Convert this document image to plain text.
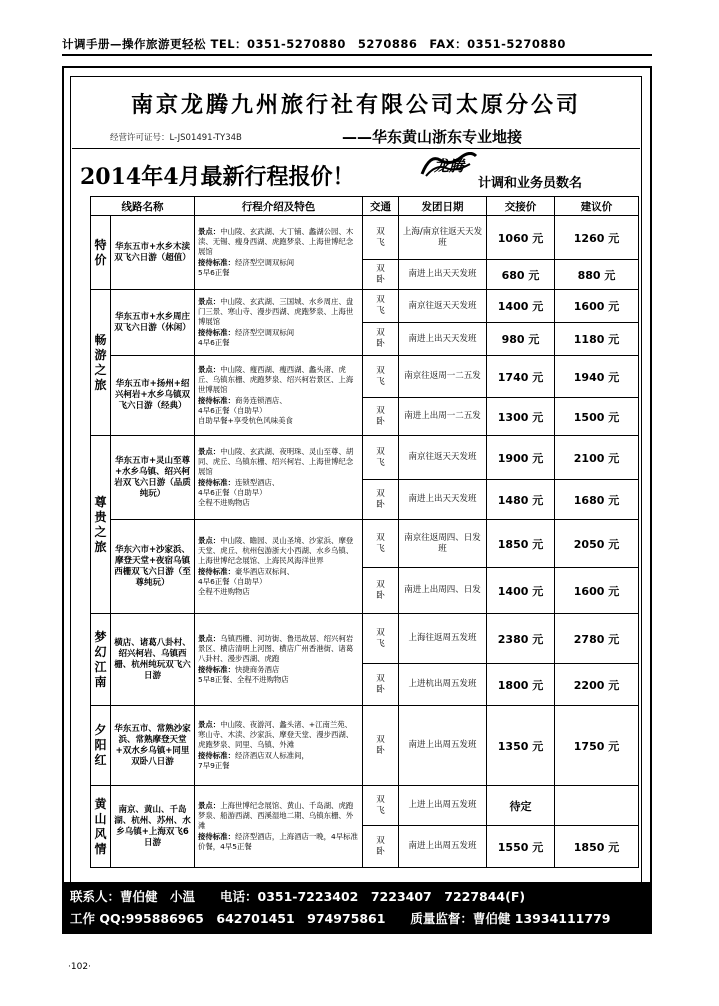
计调手册—操作旅游更轻松 TEL：0351-5270880　5270886　FAX：0351-5270880
南京龙腾九州旅行社有限公司太原分公司
经营许可证号：L-JS01491-TY34B	——华东黄山浙东专业地接
2014年4月最新行程报价！	龙腾
计调和业务员数名
线路名称		行程介绍及特色	交通	发团日期	交接价	建议价

特价	华东五市+水乡木渎双飞六日游（超值）	景点：中山陵、玄武湖、大丁铺、蠡湖公园、木渎、无锡、瘦身西湖、虎跑梦泉、上海世博纪念展馆
接待标准：经济型空调双标间
5早6正餐	双飞	上海/南京往返天天发班	1060 元	1260 元

			双卧	南进上出天天发班	680 元	880 元

畅游之旅	华东五市+水乡周庄双飞六日游（休闲）	景点：中山陵、玄武湖、三国城、水乡周庄、盘门三景、寒山寺、漫步西湖、虎跑梦泉、上海世博展馆
接待标准：经济型空调双标间
4早6正餐	双飞	南京往返天天发班	1400 元	1600 元

			双卧	南进上出天天发班	980 元	1180 元
	华东五市+扬州+绍兴柯岩+水乡乌镇双飞六日游（经典）	景点：中山陵、瘦西湖、瘦西湖、蠡头渚、虎丘、乌镇东栅、虎跑梦泉、绍兴柯岩景区、上海世博展馆
接待标准：商务连锁酒店、
4早6正餐（自助早）
自助早餐+享受杭色风味美食	双飞	南京往返周一二五发	1740 元	1940 元

			双卧	南进上出周一二五发	1300 元	1500 元

尊贵之旅	华东五市+灵山至尊+水乡乌镇、绍兴柯岩双飞六日游（品质纯玩）	景点：中山陵、玄武湖、夜明珠、灵山至尊、胡同、虎丘、乌镇东栅、绍兴柯岩、上海世博纪念展馆
接待标准：连锁型酒店、
4早6正餐（自助早）
全程不进购物店	双飞	南京往返天天发班	1900 元	2100 元

			双卧	南进上出天天发班	1480 元	1680 元
	华东六市+沙家浜、摩登天堂+夜宿乌镇西栅双飞六日游（至尊纯玩）	景点：中山陵、瞻园、灵山圣境、沙家浜、摩登天堂、虎丘、杭州包游浙大小西湖、水乡乌镇、上海世博纪念展馆、上海民风海洋世界
接待标准：豪华酒店双标间、
4早6正餐（自助早）
全程不进购物店	双飞	南京往返周四、日发班	1850 元	2050 元

			双卧	南进上出周四、日发	1400 元	1600 元

梦幻江南	横店、诸葛八卦村、绍兴柯岩、乌镇西栅、杭州纯玩双飞六日游	景点：乌镇西栅、河坊街、鲁迅故居、绍兴柯岩景区、横店清明上河图、横店广州香港街、诸葛八卦村、漫步西湖、虎跑
接待标准：快捷商务酒店
5早8正餐、全程不进购物店	双飞	上海往返周五发班	2380 元	2780 元

			双卧	上进杭出周五发班	1800 元	2200 元

夕阳红	华东五市、常熟沙家浜、常熟摩登天堂+双水乡乌镇+同里双卧八日游	景点：中山陵、夜游河、蠡头渚、+江南兰苑、寒山寺、木渎、沙家浜、摩登天堂、漫步西湖、虎跑梦泉、同里、乌镇、外滩
接待标准：经济酒店双人标准间，
7早9正餐	双卧	南进上出周五发班	1350 元	1750 元

黄山风情	南京、黄山、千岛湖、杭州、苏州、水乡乌镇+上海双飞6日游	景点：上海世博纪念展馆、黄山、千岛湖、虎跑梦泉、船游西湖、西溪湿地二期、乌镇东栅、外滩
接待标准：经济型酒店，上海酒店一晚，4早标准价餐，4早5正餐	双飞	上进上出周五发班	待定	

			双卧	南进上出周五发班	1550 元	1850 元
联系人：曹伯健　小温　　电话：0351-7223402　7223407　7227844(F)
工作 QQ:995886965　642701451　974975861　　质量监督：曹伯健 13934111779
·102·
